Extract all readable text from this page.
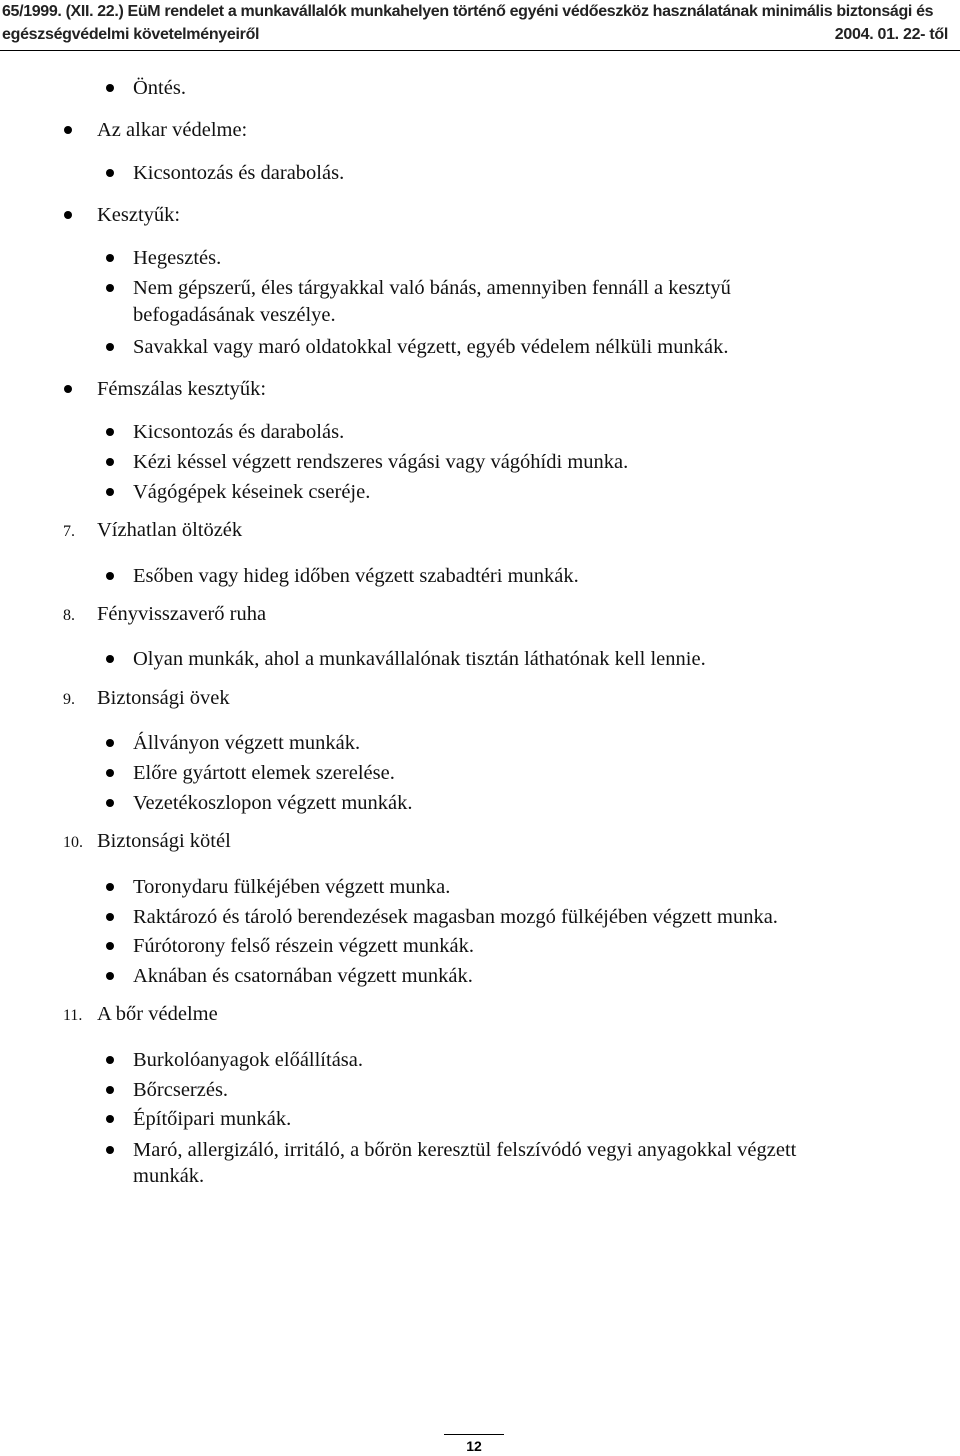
65/1999. (XII. 22.) EüM rendelet a munkavállalók munkahelyen történő egyéni védőeszköz használatának minimális biztonsági és
egészségvédelmi követelményeiről	2004. 01. 22- től
Öntés.
Az alkar védelme:
Kicsontozás és darabolás.
Kesztyűk:
Hegesztés.
Nem gépszerű, éles tárgyakkal való bánás, amennyiben fennáll a kesztyű
befogadásának veszélye.
Savakkal vagy maró oldatokkal végzett, egyéb védelem nélküli munkák.
Fémszálas kesztyűk:
Kicsontozás és darabolás.
Kézi késsel végzett rendszeres vágási vagy vágóhídi munka.
Vágógépek késeinek cseréje.
7. Vízhatlan öltözék
Esőben vagy hideg időben végzett szabadtéri munkák.
8. Fényvisszaverő ruha
Olyan munkák, ahol a munkavállalónak tisztán láthatónak kell lennie.
9. Biztonsági övek
Állványon végzett munkák.
Előre gyártott elemek szerelése.
Vezetékoszlopon végzett munkák.
10. Biztonsági kötél
Toronydaru fülkéjében végzett munka.
Raktározó és tároló berendezések magasban mozgó fülkéjében végzett munka.
Fúrótorony felső részein végzett munkák.
Aknában és csatornában végzett munkák.
11. A bőr védelme
Burkolóanyagok előállítása.
Bőrcserzés.
Építőipari munkák.
Maró, allergizáló, irritáló, a bőrön keresztül felszívódó vegyi anyagokkal végzett
munkák.
12
